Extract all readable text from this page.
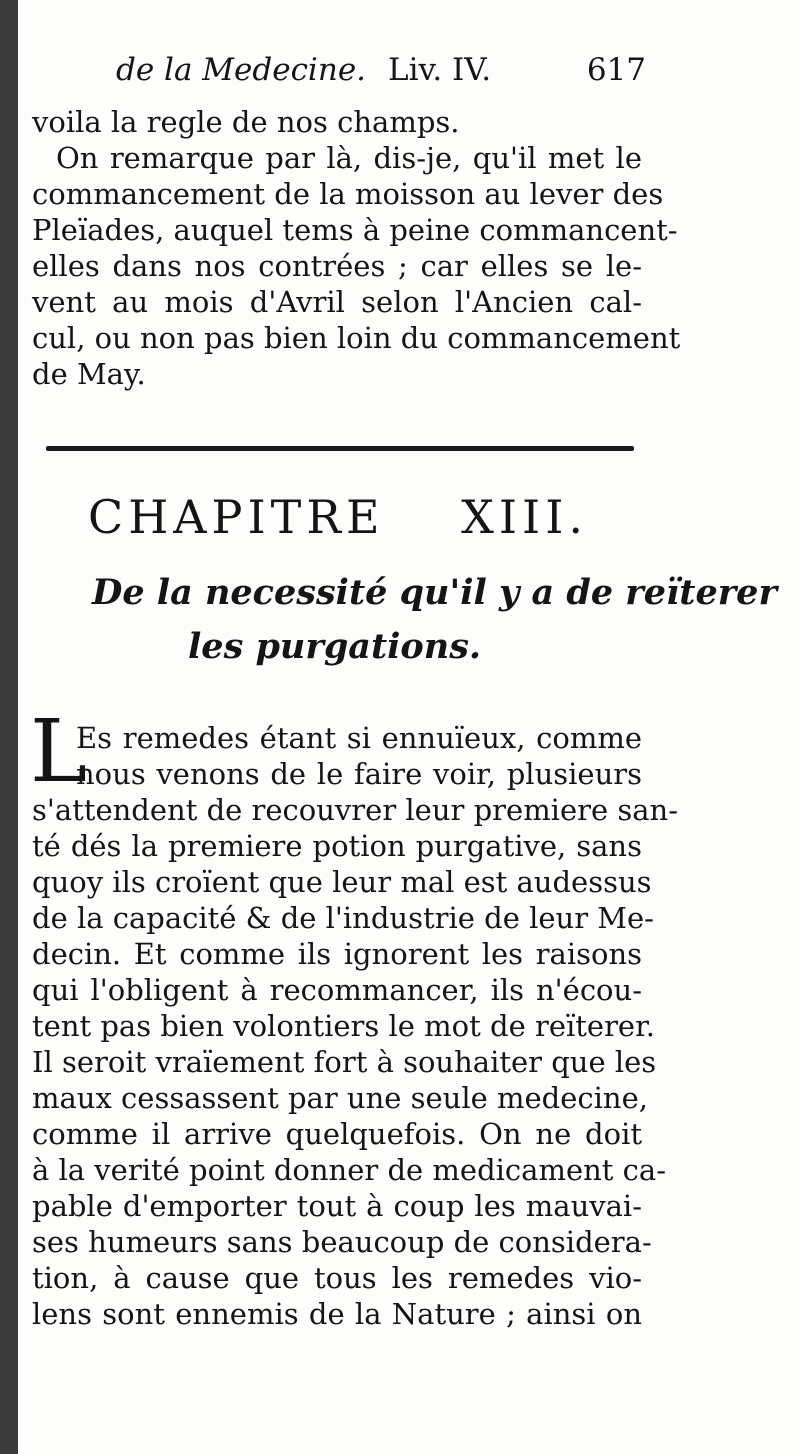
de la Medecine. Liv. IV.	617
voila la regle de nos champs.
On remarque par là, dis-je, qu'il met le
commancement de la moisson au lever des
Pleïades, auquel tems à peine commancent-
elles dans nos contrées ; car elles se le-
vent au mois d'Avril selon l'Ancien cal-
cul, ou non pas bien loin du commancement
de May.
CHAPITRE XIII.
De la necessité qu'il y a de reïterer
les purgations.
L
Es remedes étant si ennuïeux, comme
nous venons de le faire voir, plusieurs
s'attendent de recouvrer leur premiere san-
té dés la premiere potion purgative, sans
quoy ils croïent que leur mal est audessus
de la capacité & de l'industrie de leur Me-
decin. Et comme ils ignorent les raisons
qui l'obligent à recommancer, ils n'écou-
tent pas bien volontiers le mot de reïterer.
Il seroit vraïement fort à souhaiter que les
maux cessassent par une seule medecine,
comme il arrive quelquefois. On ne doit
à la verité point donner de medicament ca-
pable d'emporter tout à coup les mauvai-
ses humeurs sans beaucoup de considera-
tion, à cause que tous les remedes vio-
lens sont ennemis de la Nature ; ainsi on
